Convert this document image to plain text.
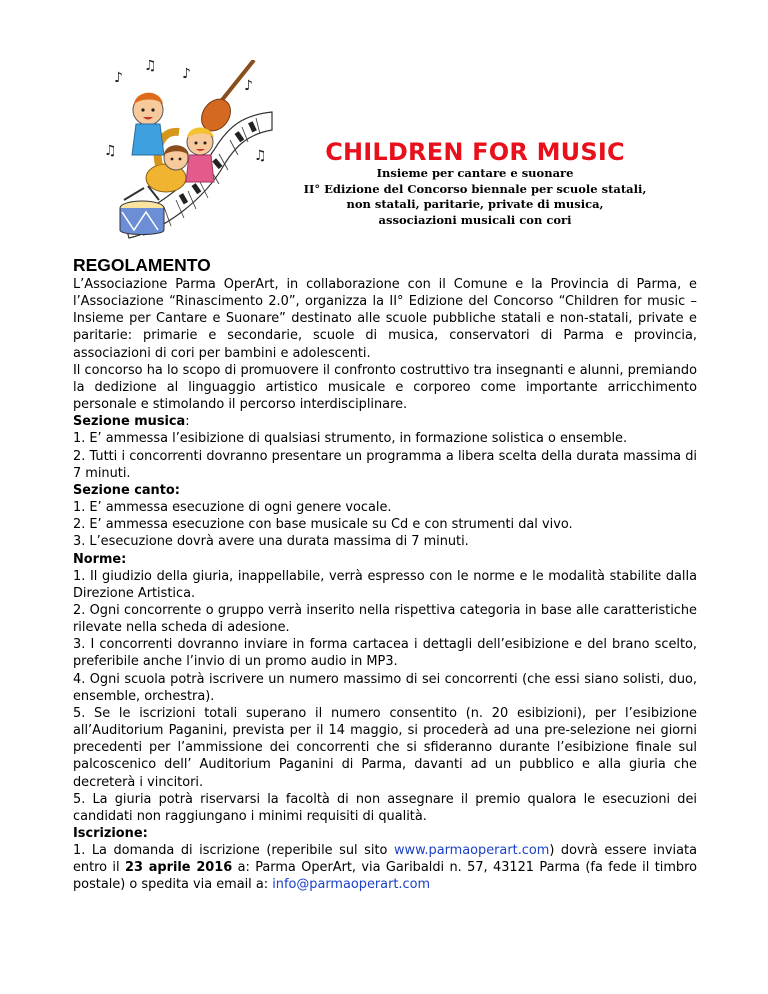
♪
♫ ♪
♫
♪
♫	CHILDREN FOR MUSIC

Insieme per cantare e suonare

II° Edizione del Concorso biennale per scuole statali,

non statali, paritarie, private di musica,

associazioni musicali con cori

REGOLAMENTO

L’Associazione Parma OperArt, in collaborazione con il Comune e la Provincia di Parma, e l’Associazione “Rinascimento 2.0”, organizza la II° Edizione del Concorso “Children for music – Insieme per Cantare e Suonare” destinato alle scuole pubbliche statali e non-statali, private e paritarie: primarie e secondarie, scuole di musica, conservatori di Parma e provincia, associazioni di cori per bambini e adolescenti.

Il concorso ha lo scopo di promuovere il confronto costruttivo tra insegnanti e alunni, premiando la dedizione al linguaggio artistico musicale e corporeo come importante arricchimento personale e stimolando il percorso interdisciplinare.

Sezione musica:

1. E’ ammessa l’esibizione di qualsiasi strumento, in formazione solistica o ensemble.

2. Tutti i concorrenti dovranno presentare un programma a libera scelta della durata massima di 7 minuti.

Sezione canto:

1. E’ ammessa esecuzione di ogni genere vocale.

2. E’ ammessa esecuzione con base musicale su Cd e con strumenti dal vivo.

3. L’esecuzione dovrà avere una durata massima di 7 minuti.

Norme:

1. Il giudizio della giuria, inappellabile, verrà espresso con le norme e le modalità stabilite dalla Direzione Artistica.

2. Ogni concorrente o gruppo verrà inserito nella rispettiva categoria in base alle caratteristiche rilevate nella scheda di adesione.

3. I concorrenti dovranno inviare in forma cartacea i dettagli dell’esibizione e del brano scelto, preferibile anche l’invio di un promo audio in MP3.

4. Ogni scuola potrà iscrivere un numero massimo di sei concorrenti (che essi siano solisti, duo, ensemble, orchestra).

5. Se le iscrizioni totali superano il numero consentito (n. 20 esibizioni), per l’esibizione all’Auditorium Paganini, prevista per il 14 maggio, si procederà ad una pre-selezione nei giorni precedenti per l’ammissione dei concorrenti che si sfideranno durante l’esibizione finale sul palcoscenico dell’ Auditorium Paganini di Parma, davanti ad un pubblico e alla giuria che decreterà i vincitori.

5. La giuria potrà riservarsi la facoltà di non assegnare il premio qualora le esecuzioni dei candidati non raggiungano i minimi requisiti di qualità.

Iscrizione:

1. La domanda di iscrizione (reperibile sul sito www.parmaoperart.com) dovrà essere inviata entro il 23 aprile 2016 a: Parma OperArt, via Garibaldi n. 57, 43121 Parma (fa fede il timbro postale) o spedita via email a: info@parmaoperart.com
